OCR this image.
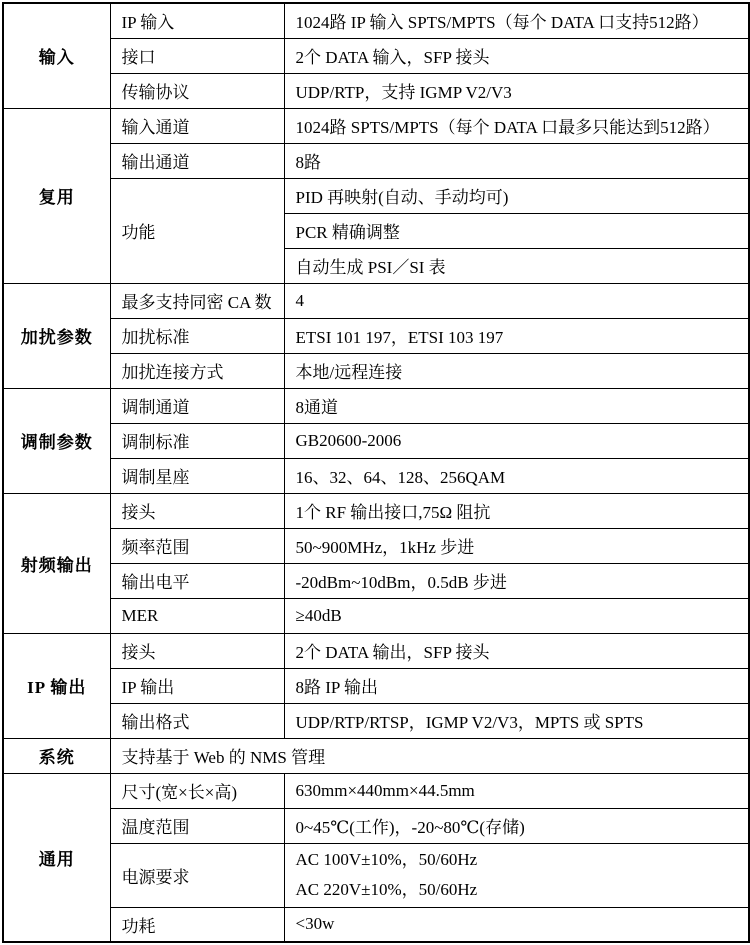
输入	IP 输入	1024路 IP 输入 SPTS/MPTS（每个 DATA 口支持512路）
	接口	2个 DATA 输入，SFP 接头
	传输协议	UDP/RTP，支持 IGMP V2/V3
复用	输入通道	1024路 SPTS/MPTS（每个 DATA 口最多只能达到512路）
	输出通道	8路
	功能	PID 再映射(自动、手动均可)
		PCR 精确调整
		自动生成 PSI／SI 表
加扰参数	最多支持同密 CA 数	4
	加扰标准	ETSI 101 197，ETSI 103 197
	加扰连接方式	本地/远程连接
调制参数	调制通道	8通道
	调制标准	GB20600-2006
	调制星座	16、32、64、128、256QAM
射频输出	接头	1个 RF 输出接口,75Ω 阻抗
	频率范围	50~900MHz，1kHz 步进
	输出电平	-20dBm~10dBm，0.5dB 步进
	MER	≥40dB
IP 输出	接头	2个 DATA 输出，SFP 接头
	IP 输出	8路 IP 输出
	输出格式	UDP/RTP/RTSP，IGMP V2/V3，MPTS 或 SPTS
系统	支持基于 Web 的 NMS 管理	
通用	尺寸(宽×长×高)	630mm×440mm×44.5mm
	温度范围	0~45℃(工作)，-20~80℃(存储)
	电源要求	AC 100V±10%，50/60Hz
AC 220V±10%，50/60Hz

	功耗	<30w
